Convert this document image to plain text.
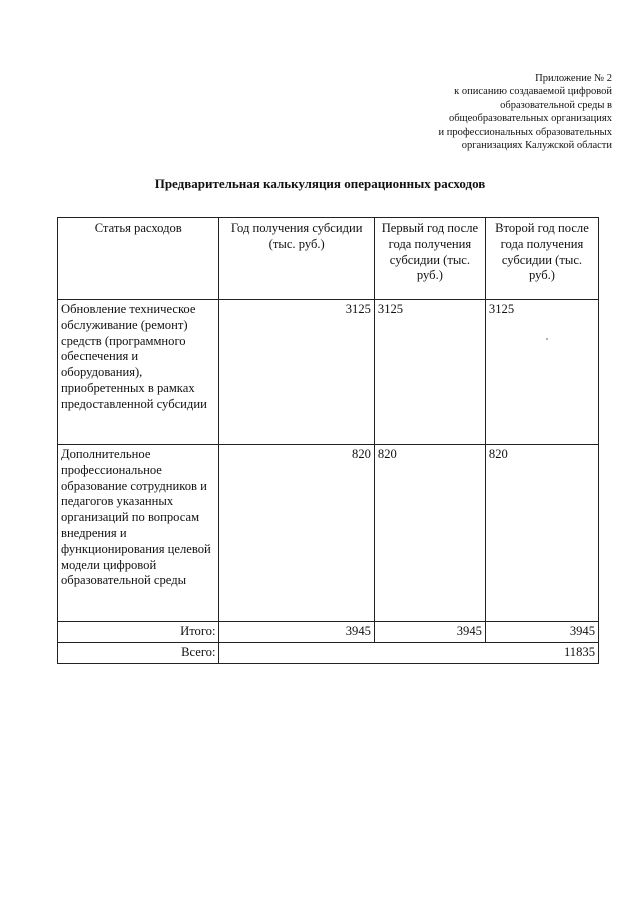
Приложение № 2
к описанию создаваемой цифровой
образовательной среды в
общеобразовательных организациях
и профессиональных образовательных
организациях Калужской области
Предварительная калькуляция операционных расходов
Статья расходов	Год получения субсидии (тыс. руб.)	Первый год после года получения субсидии (тыс. руб.)	Второй год после года получения субсидии (тыс. руб.)
Обновление техническое обслуживание (ремонт) средств (программного обеспечения и оборудования), приобретенных в рамках предоставленной субсидии	3125	3125	3125
Дополнительное профессиональное образование сотрудников и педагогов указанных организаций по вопросам внедрения и функционирования целевой модели цифровой образовательной среды	820	820	820
Итого:	3945	3945	3945
Всего:	11835		
